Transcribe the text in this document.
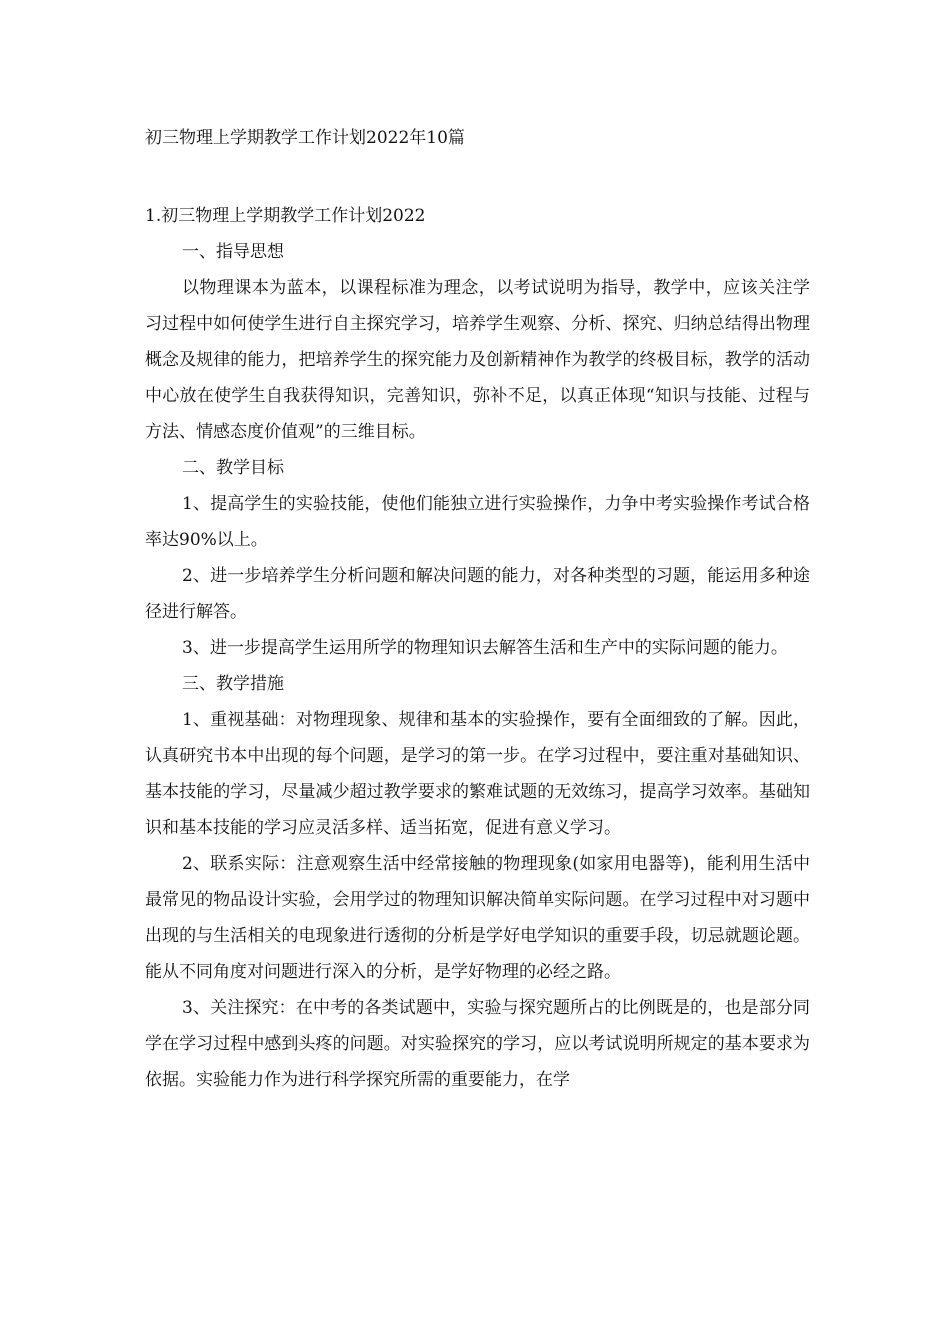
初三物理上学期教学工作计划2022年10篇

1.初三物理上学期教学工作计划2022

一、指导思想

以物理课本为蓝本，以课程标准为理念，以考试说明为指导，教学中，应该关注学习过程中如何使学生进行自主探究学习，培养学生观察、分析、探究、归纳总结得出物理概念及规律的能力，把培养学生的探究能力及创新精神作为教学的终极目标，教学的活动中心放在使学生自我获得知识，完善知识，弥补不足，以真正体现“知识与技能、过程与方法、情感态度价值观”的三维目标。

二、教学目标

1、提高学生的实验技能，使他们能独立进行实验操作，力争中考实验操作考试合格率达90%以上。

2、进一步培养学生分析问题和解决问题的能力，对各种类型的习题，能运用多种途径进行解答。

3、进一步提高学生运用所学的物理知识去解答生活和生产中的实际问题的能力。

三、教学措施

1、重视基础：对物理现象、规律和基本的实验操作，要有全面细致的了解。因此，认真研究书本中出现的每个问题，是学习的第一步。在学习过程中，要注重对基础知识、基本技能的学习，尽量减少超过教学要求的繁难试题的无效练习，提高学习效率。基础知识和基本技能的学习应灵活多样、适当拓宽，促进有意义学习。

2、联系实际：注意观察生活中经常接触的物理现象(如家用电器等)，能利用生活中最常见的物品设计实验，会用学过的物理知识解决简单实际问题。在学习过程中对习题中出现的与生活相关的电现象进行透彻的分析是学好电学知识的重要手段，切忌就题论题。能从不同角度对问题进行深入的分析，是学好物理的必经之路。

3、关注探究：在中考的各类试题中，实验与探究题所占的比例既是的，也是部分同学在学习过程中感到头疼的问题。对实验探究的学习，应以考试说明所规定的基本要求为依据。实验能力作为进行科学探究所需的重要能力，在学
